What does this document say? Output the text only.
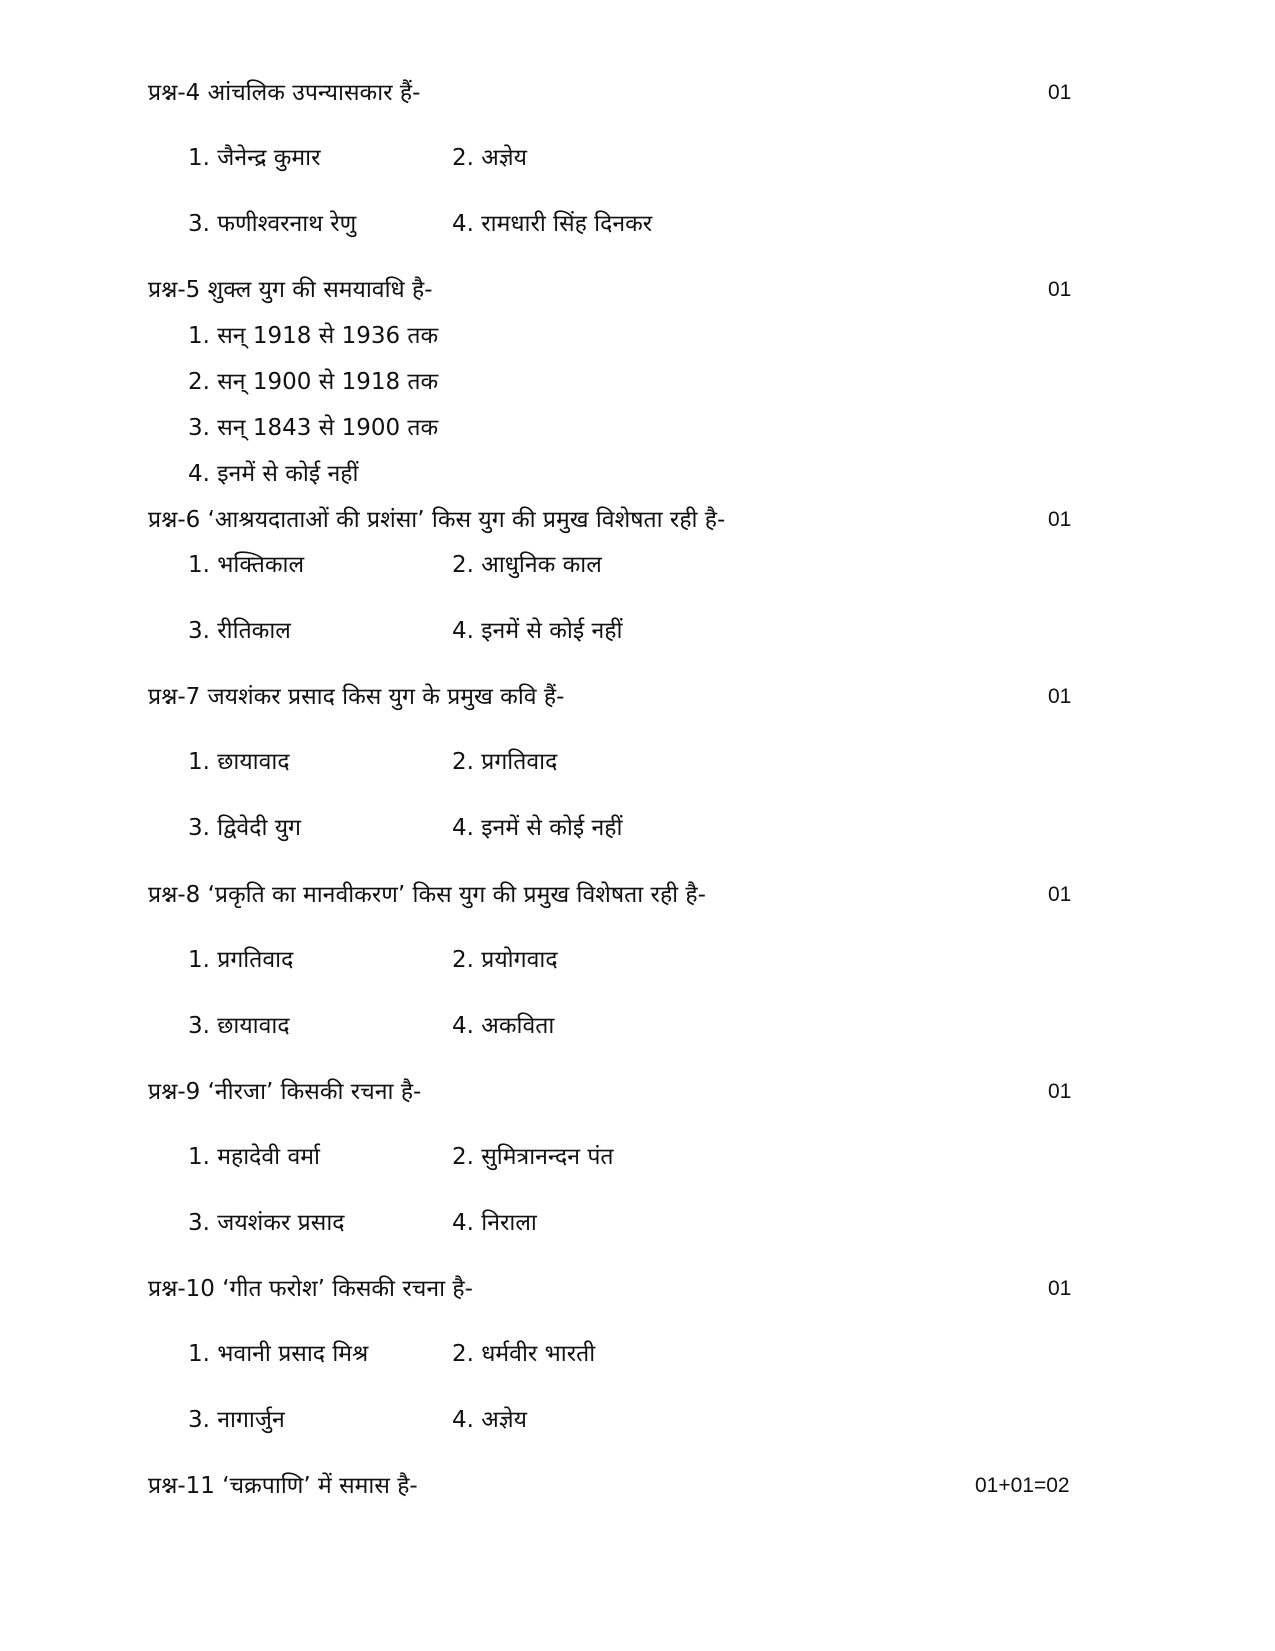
प्रश्न-4 आंचलिक उपन्यासकार हैं-	01
1. जैनेन्द्र कुमार	2. अज्ञेय
3. फणीश्वरनाथ रेणु	4. रामधारी सिंह दिनकर
प्रश्न-5 शुक्ल युग की समयावधि है-	01
1. सन् 1918 से 1936 तक
2. सन् 1900 से 1918 तक
3. सन् 1843 से 1900 तक
4. इनमें से कोई नहीं
प्रश्न-6 ‘आश्रयदाताओं की प्रशंसा’ किस युग की प्रमुख विशेषता रही है-	01
1. भक्तिकाल	2. आधुनिक काल
3. रीतिकाल	4. इनमें से कोई नहीं
प्रश्न-7 जयशंकर प्रसाद किस युग के प्रमुख कवि हैं-	01
1. छायावाद	2. प्रगतिवाद
3. द्विवेदी युग	4. इनमें से कोई नहीं
प्रश्न-8 ‘प्रकृति का मानवीकरण’ किस युग की प्रमुख विशेषता रही है-	01
1. प्रगतिवाद	2. प्रयोगवाद
3. छायावाद	4. अकविता
प्रश्न-9 ‘नीरजा’ किसकी रचना है-	01
1. महादेवी वर्मा	2. सुमित्रानन्दन पंत
3. जयशंकर प्रसाद	4. निराला
प्रश्न-10 ‘गीत फरोश’ किसकी रचना है-	01
1. भवानी प्रसाद मिश्र	2. धर्मवीर भारती
3. नागार्जुन	4. अज्ञेय
प्रश्न-11 ‘चक्रपाणि’ में समास है-	01+01=02
